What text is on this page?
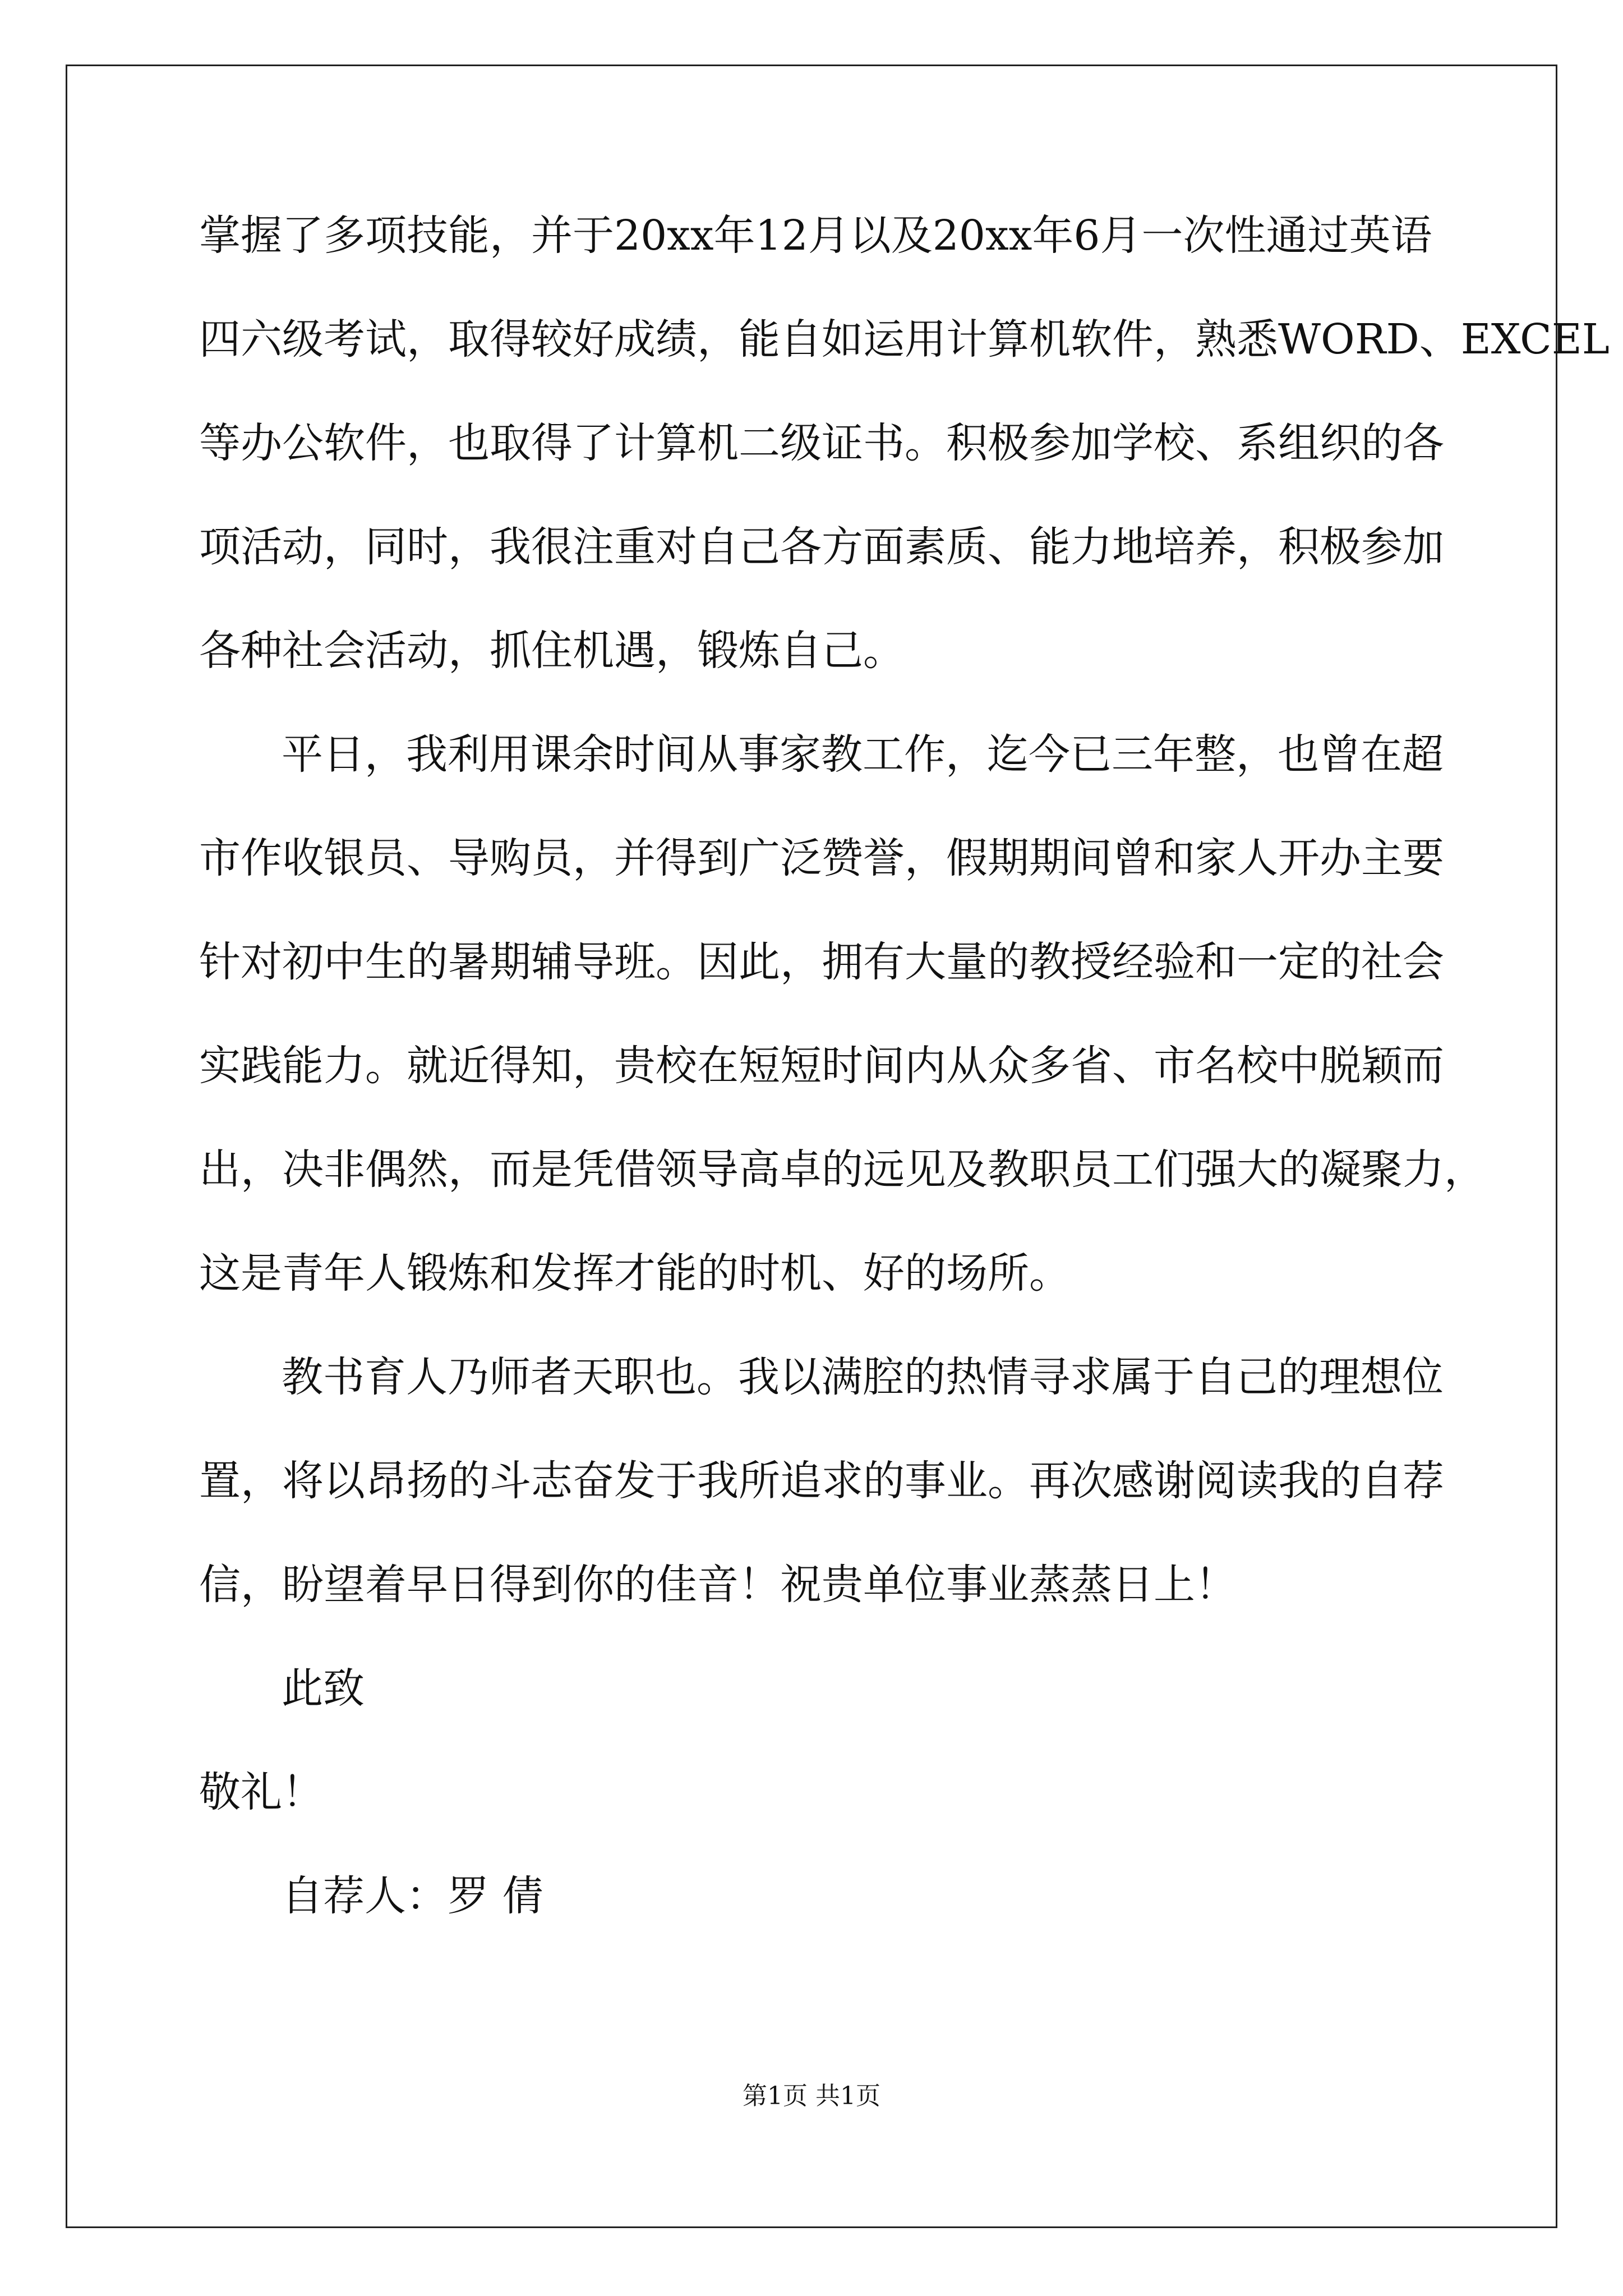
掌握了多项技能，并于20xx年12月以及20xx年6月一次性通过英语
四六级考试，取得较好成绩，能自如运用计算机软件，熟悉WORD、EXCEL
等办公软件，也取得了计算机二级证书。积极参加学校、系组织的各
项活动，同时，我很注重对自己各方面素质、能力地培养，积极参加
各种社会活动，抓住机遇，锻炼自己。
平日，我利用课余时间从事家教工作，迄今已三年整，也曾在超
市作收银员、导购员，并得到广泛赞誉，假期期间曾和家人开办主要
针对初中生的暑期辅导班。因此，拥有大量的教授经验和一定的社会
实践能力。就近得知，贵校在短短时间内从众多省、市名校中脱颖而
出，决非偶然，而是凭借领导高卓的远见及教职员工们强大的凝聚力，
这是青年人锻炼和发挥才能的时机、好的场所。
教书育人乃师者天职也。我以满腔的热情寻求属于自己的理想位
置，将以昂扬的斗志奋发于我所追求的事业。再次感谢阅读我的自荐
信，盼望着早日得到你的佳音！祝贵单位事业蒸蒸日上！
此致
敬礼！
自荐人：罗 倩
第1页 共1页
